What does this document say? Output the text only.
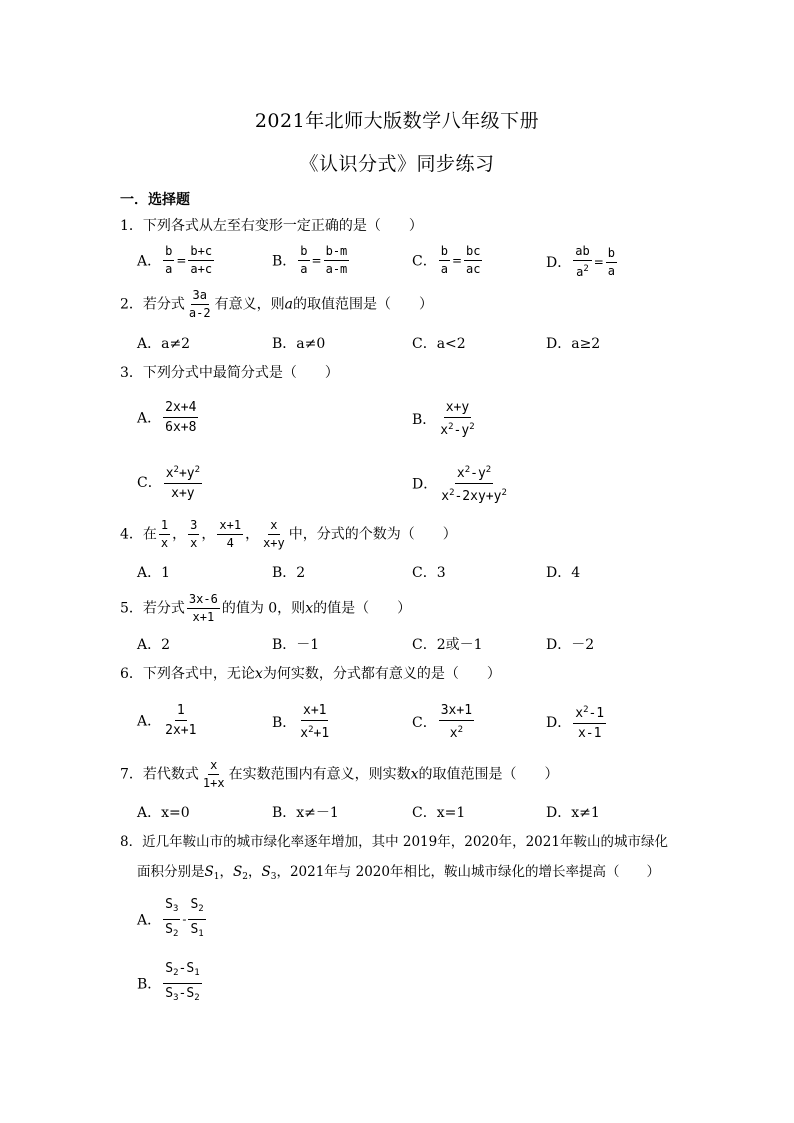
2021年北师大版数学八年级下册
《认识分式》同步练习
一．选择题
1．下列各式从左至右变形一定正确的是（　　）
A． $\frac{b}{a} = \frac{b+c}{a+c}$	B． $\frac{b}{a} = \frac{b-m}{a-m}$	C． $\frac{b}{a} = \frac{bc}{ac}$	D． $\frac{ab}{a^2} = \frac{b}{a}$
2．若分式 $\frac{3a}{a-2}$ 有意义，则a的取值范围是（　　）
A．a≠2	B．a≠0	C．a<2	D．a≥2
3．下列分式中最简分式是（　　）
A． $\frac{2x+4}{6x+8}$	B． $\frac{x+y}{x^2-y^2}$
C． $\frac{x^2+y^2}{x+y}$	D． $\frac{x^2-y^2}{x^2-2xy+y^2}$
4．在 $\frac{1}{x}$ ， $\frac{3}{x}$ ， $\frac{x+1}{4}$ ， $\frac{x}{x+y}$ 中，分式的个数为（　　）
A．1	B．2	C．3	D．4
5．若分式 $\frac{3x-6}{x+1}$ 的值为 0，则x的值是（　　）
A．2	B．－1	C．2或－1	D．－2
6．下列各式中，无论x为何实数，分式都有意义的是（　　）
A． $\frac{1}{2x+1}$	B． $\frac{x+1}{x^2+1}$	C． $\frac{3x+1}{x^2}$	D． $\frac{x^2-1}{x-1}$
7．若代数式 $\frac{x}{1+x}$ 在实数范围内有意义，则实数x的取值范围是（　　）
A．x=0	B．x≠－1	C．x=1	D．x≠1
8．近几年鞍山市的城市绿化率逐年增加，其中 2019年，2020年，2021年鞍山的城市绿化
面积分别是$S_1$，$S_2$，$S_3$，2021年与 2020年相比，鞍山城市绿化的增长率提高（　　）
A． $\frac{S_3}{S_2} - \frac{S_2}{S_1}$
B． $\frac{S_2-S_1}{S_3-S_2}$
